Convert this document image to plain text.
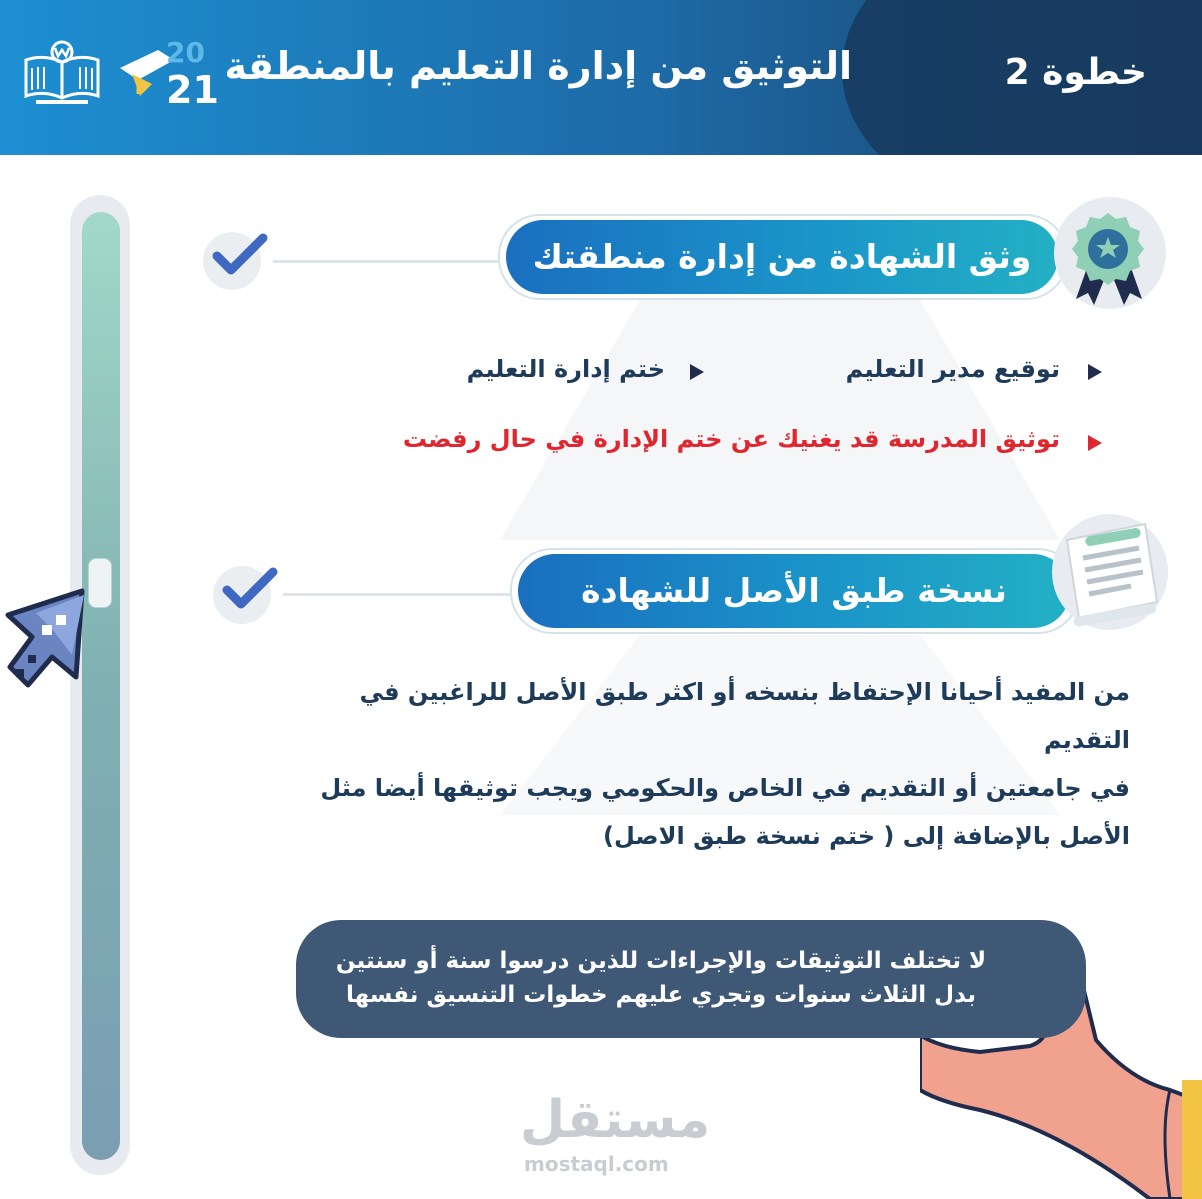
20
21
التوثيق من إدارة التعليم بالمنطقة	خطوة 2
وثق الشهادة من إدارة منطقتك
توقيع مدير التعليم
ختم إدارة التعليم
توثيق المدرسة قد يغنيك عن ختم الإدارة في حال رفضت
نسخة طبق الأصل للشهادة
من المفيد أحيانا الإحتفاظ بنسخه أو اكثر طبق الأصل للراغبين في التقديم
في جامعتين أو التقديم في الخاص والحكومي ويجب توثيقها أيضا مثل
الأصل بالإضافة إلى ( ختم نسخة طبق الاصل)
لا تختلف التوثيقات والإجراءات للذين درسوا سنة أو سنتين
بدل الثلاث سنوات وتجري عليهم خطوات التنسيق نفسها
مستقل
mostaql.com
